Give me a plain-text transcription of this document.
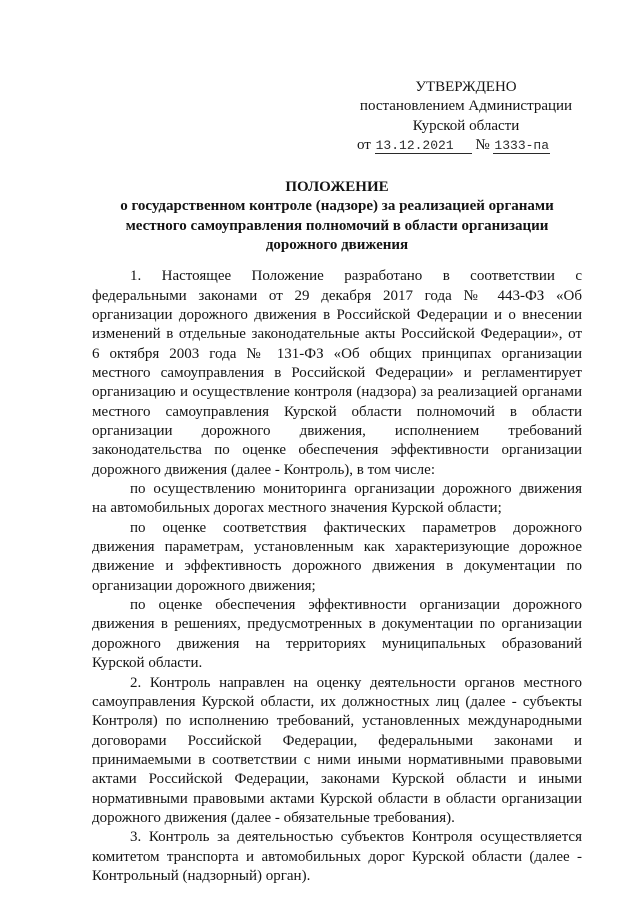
УТВЕРЖДЕНО
постановлением Администрации
Курской области
от 13.12.2021 № 1333-па
ПОЛОЖЕНИЕ
о государственном контроле (надзоре) за реализацией органами
местного самоуправления полномочий в области организации
дорожного движения
1. Настоящее Положение разработано в соответствии с
федеральными законами от 29 декабря 2017 года № 443-ФЗ «Об
организации дорожного движения в Российской Федерации и о внесении
изменений в отдельные законодательные акты Российской Федерации», от
6 октября 2003 года № 131-ФЗ «Об общих принципах организации
местного самоуправления в Российской Федерации» и регламентирует
организацию и осуществление контроля (надзора) за реализацией органами
местного самоуправления Курской области полномочий в области
организации дорожного движения, исполнением требований
законодательства по оценке обеспечения эффективности организации
дорожного движения (далее - Контроль), в том числе:
по осуществлению мониторинга организации дорожного движения
на автомобильных дорогах местного значения Курской области;
по оценке соответствия фактических параметров дорожного
движения параметрам, установленным как характеризующие дорожное
движение и эффективность дорожного движения в документации по
организации дорожного движения;
по оценке обеспечения эффективности организации дорожного
движения в решениях, предусмотренных в документации по организации
дорожного движения на территориях муниципальных образований
Курской области.
2. Контроль направлен на оценку деятельности органов местного
самоуправления Курской области, их должностных лиц (далее - субъекты
Контроля) по исполнению требований, установленных международными
договорами Российской Федерации, федеральными законами и
принимаемыми в соответствии с ними иными нормативными правовыми
актами Российской Федерации, законами Курской области и иными
нормативными правовыми актами Курской области в области организации
дорожного движения (далее - обязательные требования).
3. Контроль за деятельностью субъектов Контроля осуществляется
комитетом транспорта и автомобильных дорог Курской области (далее -
Контрольный (надзорный) орган).
